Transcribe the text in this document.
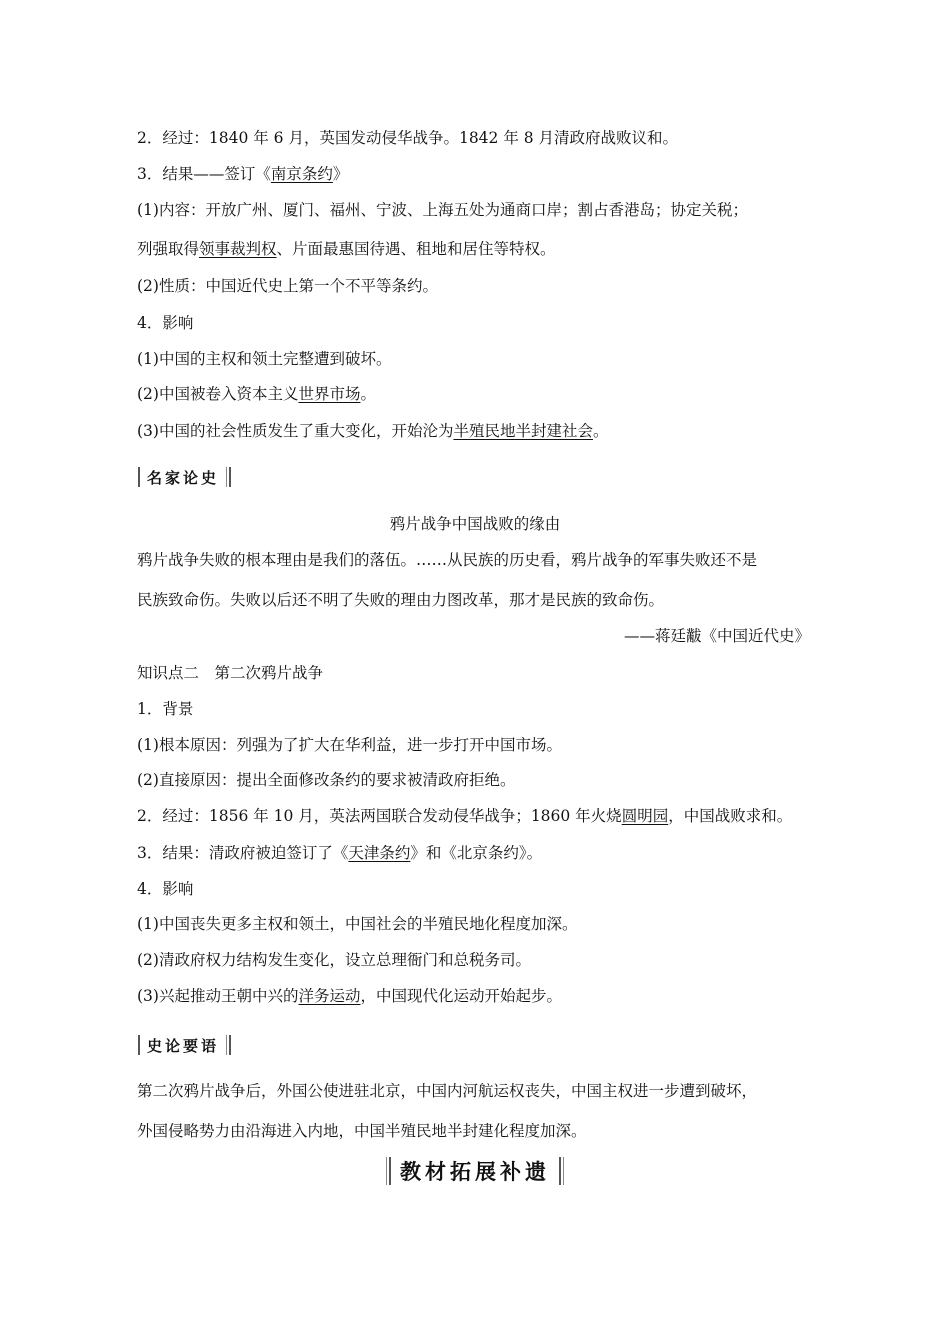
2．经过：1840 年 6 月，英国发动侵华战争。1842 年 8 月清政府战败议和。
3．结果——签订《南京条约》
(1)内容：开放广州、厦门、福州、宁波、上海五处为通商口岸；割占香港岛；协定关税；
列强取得领事裁判权、片面最惠国待遇、租地和居住等特权。
(2)性质：中国近代史上第一个不平等条约。
4．影响
(1)中国的主权和领土完整遭到破坏。
(2)中国被卷入资本主义世界市场。
(3)中国的社会性质发生了重大变化，开始沦为半殖民地半封建社会。
名家论史
鸦片战争中国战败的缘由
鸦片战争失败的根本理由是我们的落伍。……从民族的历史看，鸦片战争的军事失败还不是
民族致命伤。失败以后还不明了失败的理由力图改革，那才是民族的致命伤。
——蒋廷黻《中国近代史》
知识点二　第二次鸦片战争
1．背景
(1)根本原因：列强为了扩大在华利益，进一步打开中国市场。
(2)直接原因：提出全面修改条约的要求被清政府拒绝。
2．经过：1856 年 10 月，英法两国联合发动侵华战争；1860 年火烧圆明园，中国战败求和。
3．结果：清政府被迫签订了《天津条约》和《北京条约》。
4．影响
(1)中国丧失更多主权和领土，中国社会的半殖民地化程度加深。
(2)清政府权力结构发生变化，设立总理衙门和总税务司。
(3)兴起推动王朝中兴的洋务运动，中国现代化运动开始起步。
史论要语
第二次鸦片战争后，外国公使进驻北京，中国内河航运权丧失，中国主权进一步遭到破坏，
外国侵略势力由沿海进入内地，中国半殖民地半封建化程度加深。
教材拓展补遗
